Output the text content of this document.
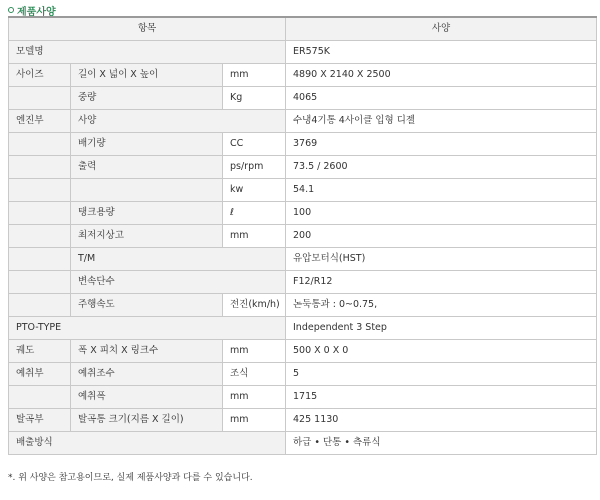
제품사양
항목			사양
모델명			ER575K
사이즈	길이 X 넓이 X 높이	mm	4890 X 2140 X 2500
	중량	Kg	4065
엔진부	사양		수냉4기통 4사이클 입형 디젤
	배기량	CC	3769
	출력	ps/rpm	73.5 / 2600
		kw	54.1
	탱크용량	ℓ	100
	최저지상고	mm	200
	T/M		유압모터식(HST)
	변속단수		F12/R12
	주행속도	전진(km/h)	논둑통과 : 0~0.75,
PTO-TYPE			Independent 3 Step
궤도	폭 X 피치 X 링크수	mm	500 X 0 X 0
예취부	예취조수	조식	5
	예취폭	mm	1715
탈곡부	탈곡통 크기(지름 X 길이)	mm	425 1130
배출방식			하급 • 단통 • 측류식
*. 위 사양은 참고용이므로, 실제 제품사양과 다를 수 있습니다.
